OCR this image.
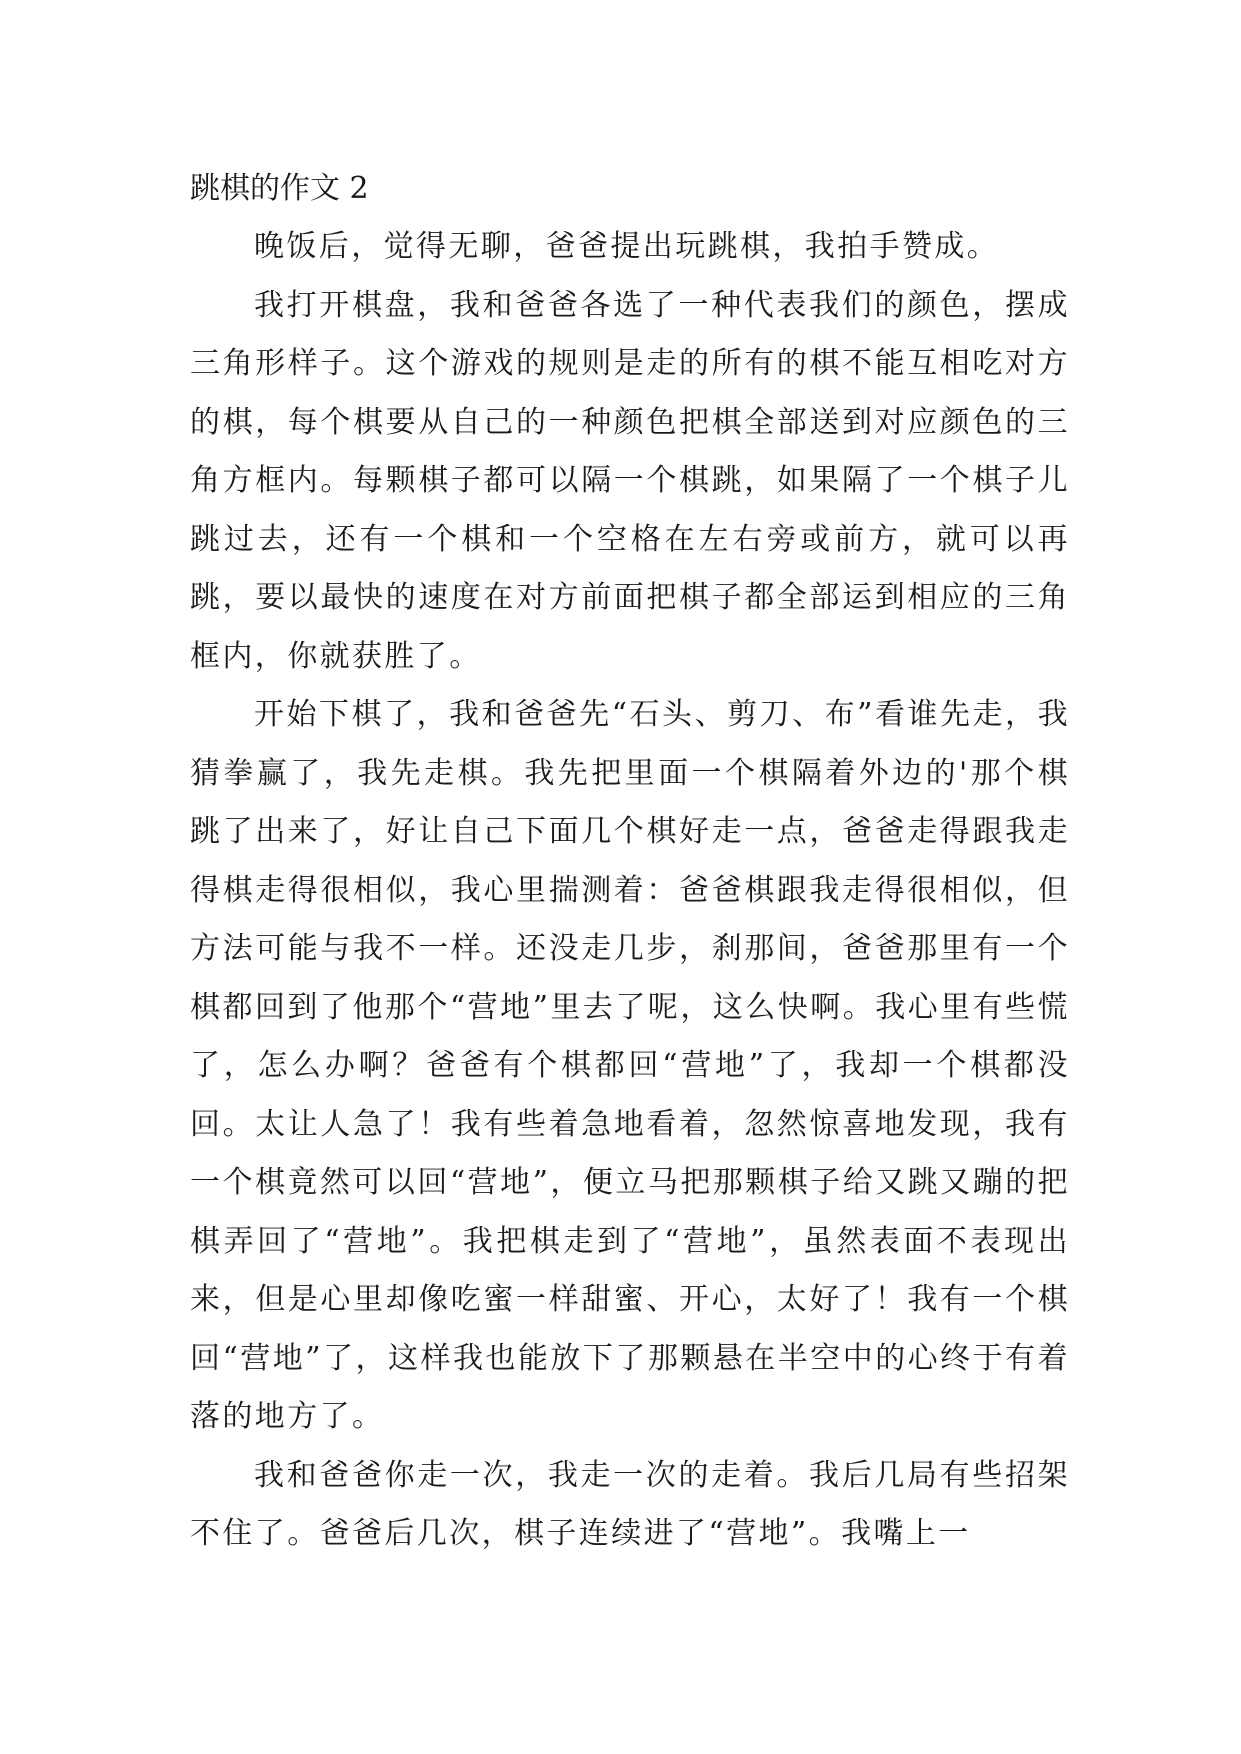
跳棋的作文 2

晚饭后，觉得无聊，爸爸提出玩跳棋，我拍手赞成。

我打开棋盘，我和爸爸各选了一种代表我们的颜色，摆成三角形样子。这个游戏的规则是走的所有的棋不能互相吃对方的棋，每个棋要从自己的一种颜色把棋全部送到对应颜色的三角方框内。每颗棋子都可以隔一个棋跳，如果隔了一个棋子儿跳过去，还有一个棋和一个空格在左右旁或前方，就可以再跳，要以最快的速度在对方前面把棋子都全部运到相应的三角框内，你就获胜了。

开始下棋了，我和爸爸先“石头、剪刀、布”看谁先走，我猜拳赢了，我先走棋。我先把里面一个棋隔着外边的'那个棋跳了出来了，好让自己下面几个棋好走一点，爸爸走得跟我走得棋走得很相似，我心里揣测着：爸爸棋跟我走得很相似，但方法可能与我不一样。还没走几步，刹那间，爸爸那里有一个棋都回到了他那个“营地”里去了呢，这么快啊。我心里有些慌了，怎么办啊？爸爸有个棋都回“营地”了，我却一个棋都没回。太让人急了！我有些着急地看着，忽然惊喜地发现，我有一个棋竟然可以回“营地”，便立马把那颗棋子给又跳又蹦的把棋弄回了“营地”。我把棋走到了“营地”，虽然表面不表现出来，但是心里却像吃蜜一样甜蜜、开心，太好了！我有一个棋回“营地”了，这样我也能放下了那颗悬在半空中的心终于有着落的地方了。

我和爸爸你走一次，我走一次的走着。我后几局有些招架不住了。爸爸后几次，棋子连续进了“营地”。我嘴上一
